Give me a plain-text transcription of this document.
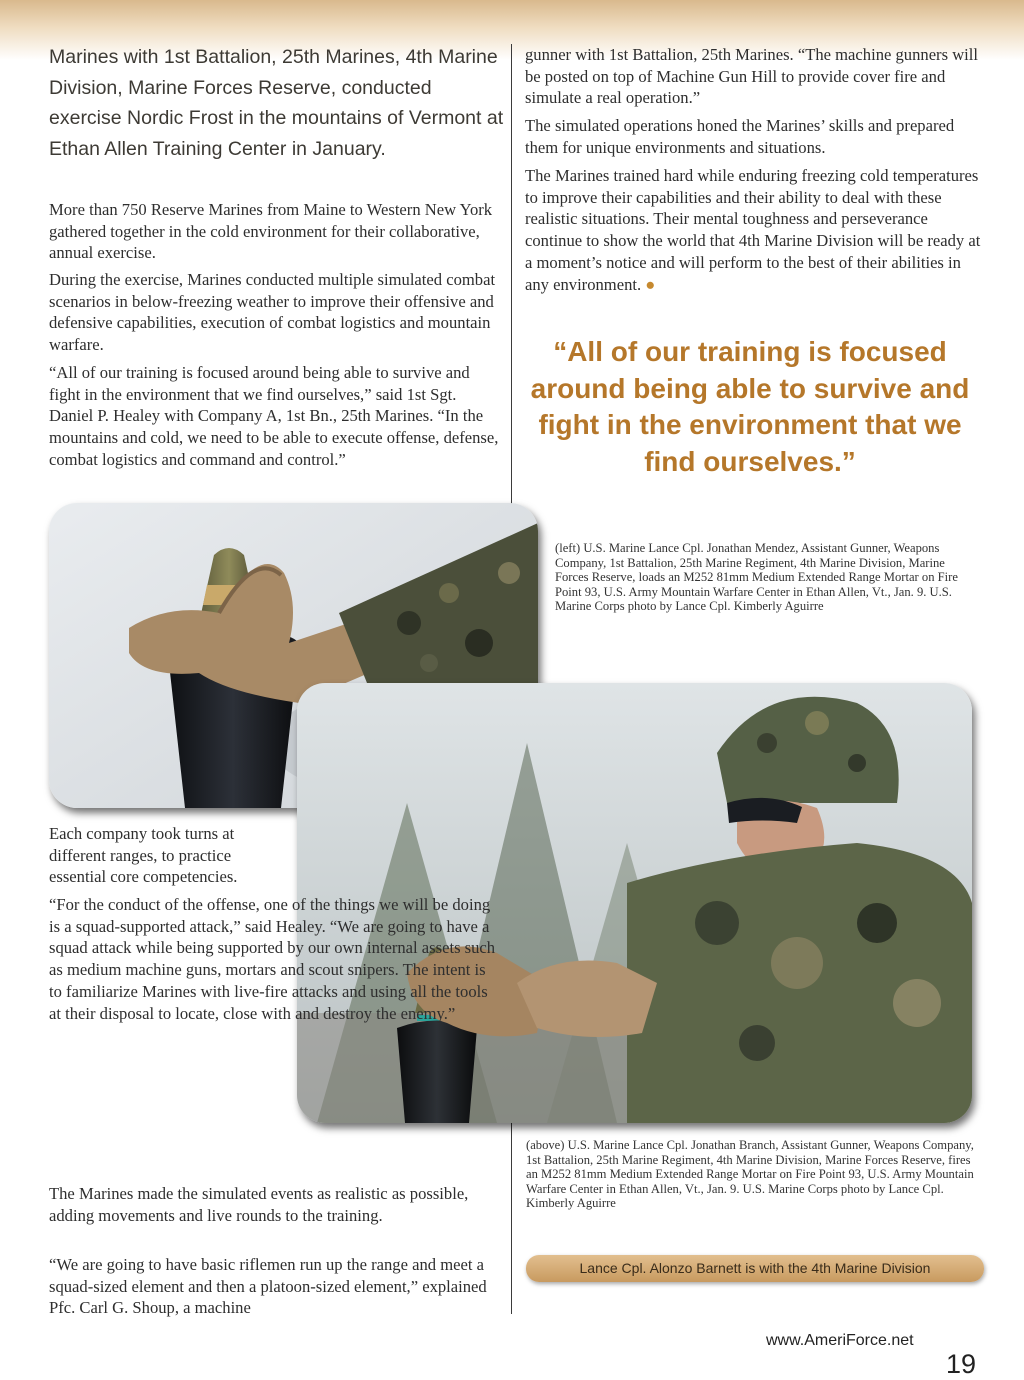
Marines with 1st Battalion, 25th Marines, 4th Marine Division, Marine Forces Reserve, conducted exercise Nordic Frost in the mountains of Vermont at Ethan Allen Training Center in January.

More than 750 Reserve Marines from Maine to Western New York gathered together in the cold environment for their collaborative, annual exercise.

During the exercise, Marines conducted multiple simulated combat scenarios in below-freezing weather to improve their offensive and defensive capabilities, execution of combat logistics and mountain warfare.

“All of our training is focused around being able to survive and fight in the environment that we find ourselves,” said 1st Sgt. Daniel P. Healey with Company A, 1st Bn., 25th Marines. “In the mountains and cold, we need to be able to execute offense, defense, combat logistics and command and control.”

gunner with 1st Battalion, 25th Marines. “The machine gunners will be posted on top of Machine Gun Hill to provide cover fire and simulate a real operation.”

The simulated operations honed the Marines’ skills and prepared them for unique environments and situations.

The Marines trained hard while enduring freezing cold temperatures to improve their capabilities and their ability to deal with these realistic situations. Their mental toughness and perseverance continue to show the world that 4th Marine Division will be ready at a moment’s notice and will perform to the best of their abilities in any environment. ●

“All of our training is focused around being able to survive and fight in the environment that we find ourselves.”
(left) U.S. Marine Lance Cpl. Jonathan Mendez, Assistant Gunner, Weapons Company, 1st Battalion, 25th Marine Regiment, 4th Marine Division, Marine Forces Reserve, loads an M252 81mm Medium Extended Range Mortar on Fire Point 93, U.S. Army Mountain Warfare Center in Ethan Allen, Vt., Jan. 9. U.S. Marine Corps photo by Lance Cpl. Kimberly Aguirre

Each company took turns at different ranges, to practice essential core competencies.

“For the conduct of the offense, one of the things we will be doing is a squad-supported attack,” said Healey. “We are going to have a squad attack while being supported by our own internal assets such as medium machine guns, mortars and scout snipers. The intent is to familiarize Marines with live-fire attacks and using all the tools at their disposal to locate, close with and destroy the enemy.”

The Marines made the simulated events as realistic as possible, adding movements and live rounds to the training.

“We are going to have basic riflemen run up the range and meet a squad-sized element and then a platoon-sized element,” explained Pfc. Carl G. Shoup, a machine

(above) U.S. Marine Lance Cpl. Jonathan Branch, Assistant Gunner, Weapons Company, 1st Battalion, 25th Marine Regiment, 4th Marine Division, Marine Forces Reserve, fires an M252 81mm Medium Extended Range Mortar on Fire Point 93, U.S. Army Mountain Warfare Center in Ethan Allen, Vt., Jan. 9. U.S. Marine Corps photo by Lance Cpl. Kimberly Aguirre
Lance Cpl. Alonzo Barnett is with the 4th Marine Division
www.AmeriForce.net
19
